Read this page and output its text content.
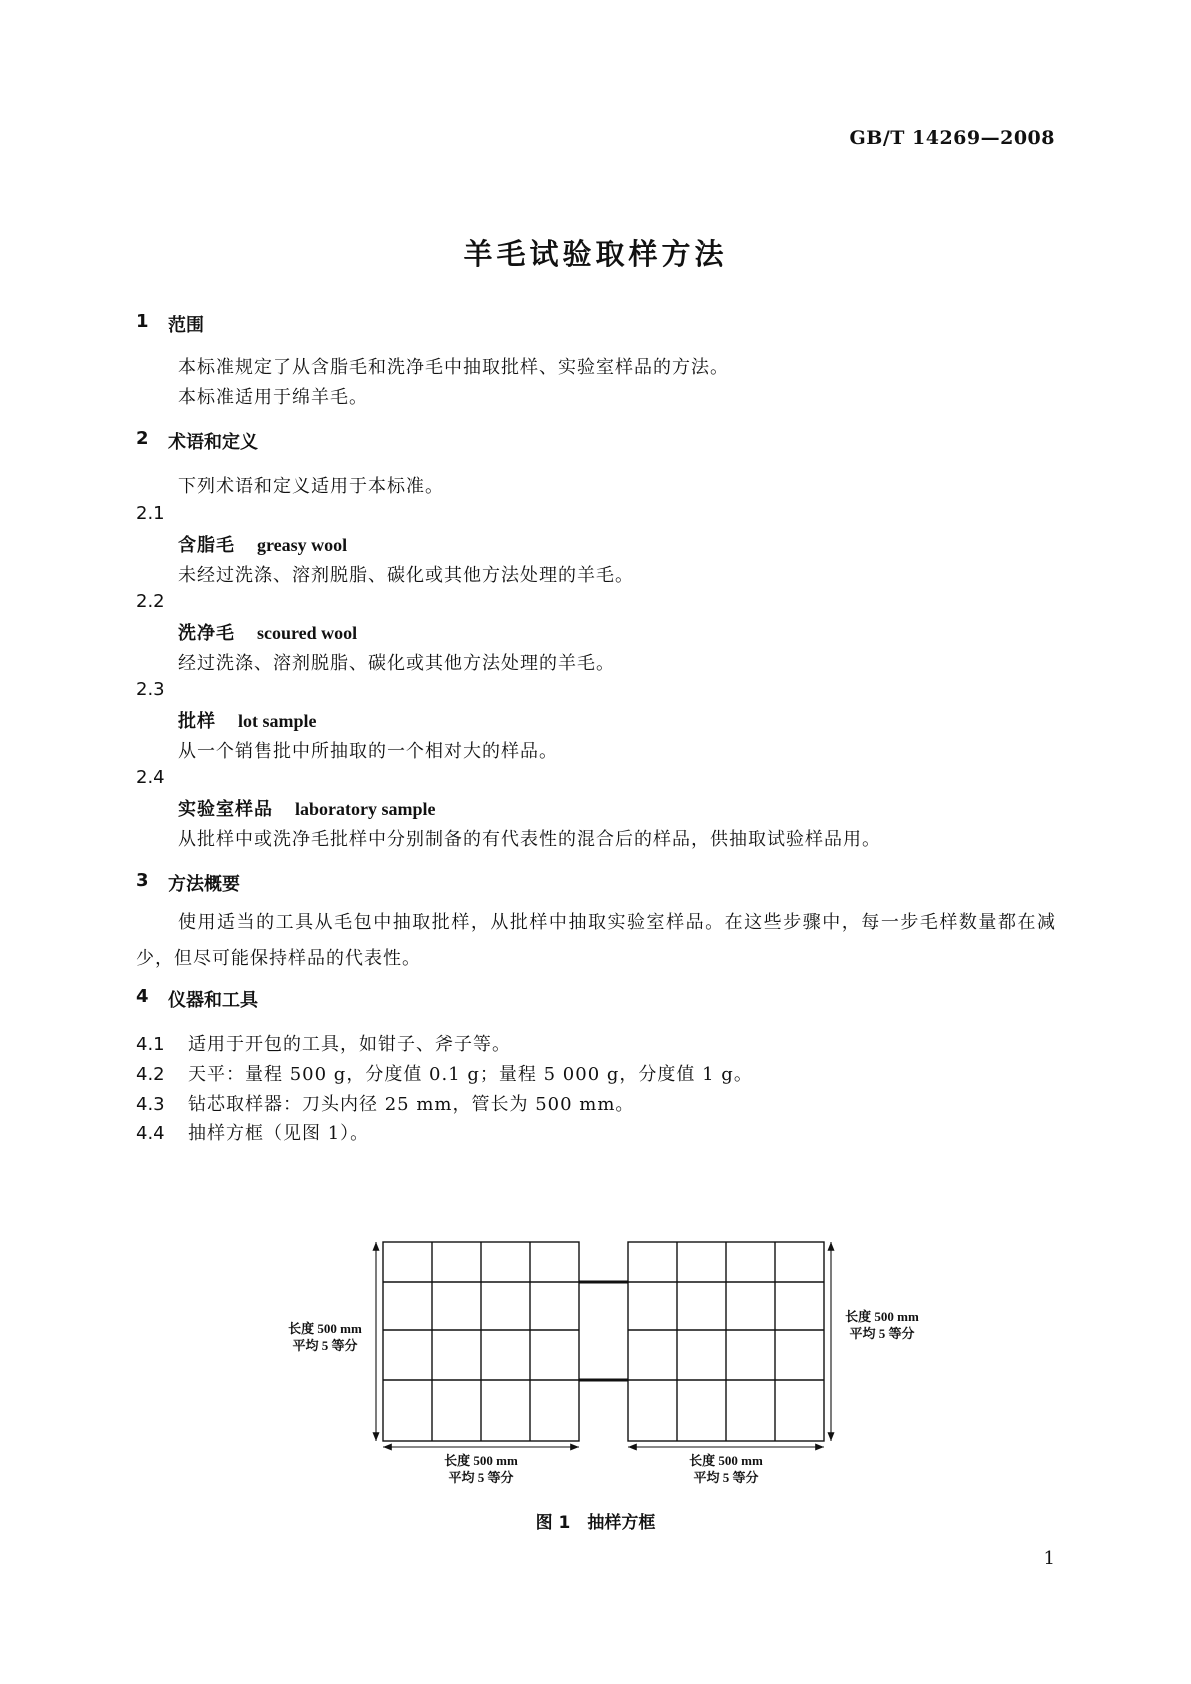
GB/T 14269—2008
羊毛试验取样方法
1 范围
本标准规定了从含脂毛和洗净毛中抽取批样、实验室样品的方法。
本标准适用于绵羊毛。
2 术语和定义
下列术语和定义适用于本标准。
2.1
含脂毛 greasy wool
未经过洗涤、溶剂脱脂、碳化或其他方法处理的羊毛。
2.2
洗净毛 scoured wool
经过洗涤、溶剂脱脂、碳化或其他方法处理的羊毛。
2.3
批样 lot sample
从一个销售批中所抽取的一个相对大的样品。
2.4
实验室样品 laboratory sample
从批样中或洗净毛批样中分别制备的有代表性的混合后的样品，供抽取试验样品用。
3 方法概要
使用适当的工具从毛包中抽取批样，从批样中抽取实验室样品。在这些步骤中，每一步毛样数量都在减少，但尽可能保持样品的代表性。
4 仪器和工具
4.1 适用于开包的工具，如钳子、斧子等。
4.2 天平：量程 500 g，分度值 0.1 g；量程 5 000 g，分度值 1 g。
4.3 钻芯取样器：刀头内径 25 mm，管长为 500 mm。
4.4 抽样方框（见图 1）。
长度 500 mm
平均 5 等分
长度 500 mm
平均 5 等分
长度 500 mm
平均 5 等分
长度 500 mm
平均 5 等分
图 1　抽样方框
1
